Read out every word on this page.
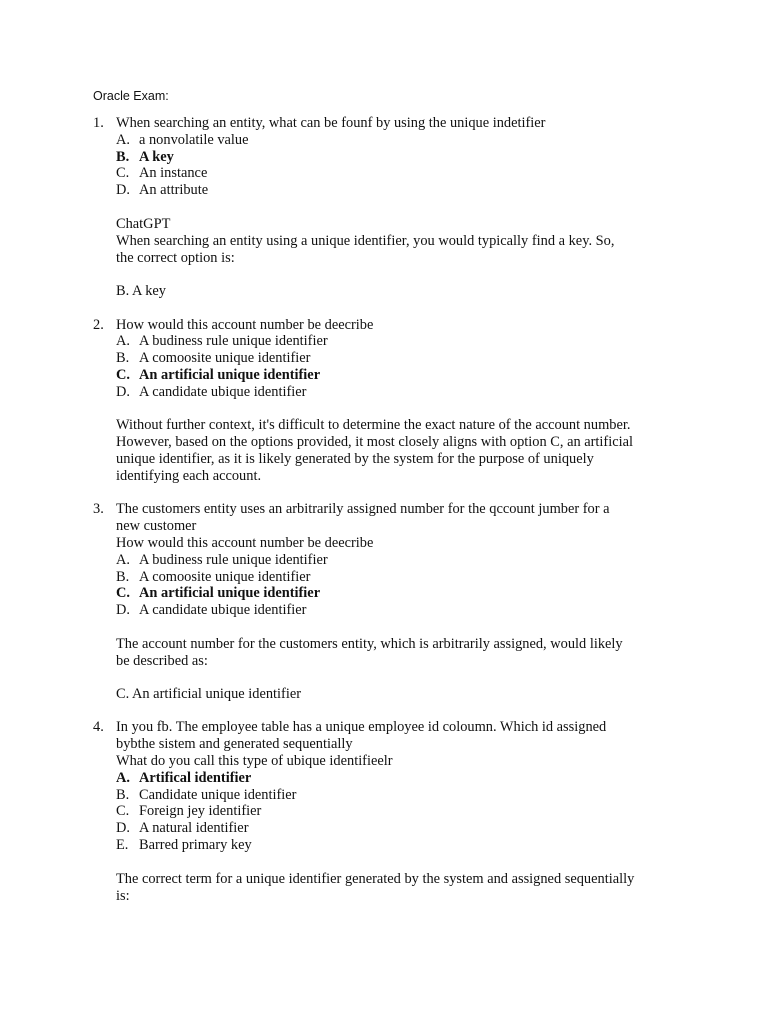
Oracle Exam:
1. When searching an entity, what can be founf by using the unique indetifier
A. a nonvolatile value
B. A key
C. An instance
D. An attribute
ChatGPT
When searching an entity using a unique identifier, you would typically find a key. So,
the correct option is:
B. A key
2. How would this account number be deecribe
A. A budiness rule unique identifier
B. A comoosite unique identifier
C. An artificial unique identifier
D. A candidate ubique identifier
Without further context, it's difficult to determine the exact nature of the account number.
However, based on the options provided, it most closely aligns with option C, an artificial
unique identifier, as it is likely generated by the system for the purpose of uniquely
identifying each account.
3. The customers entity uses an arbitrarily assigned number for the qccount jumber for a
new customer
How would this account number be deecribe
A. A budiness rule unique identifier
B. A comoosite unique identifier
C. An artificial unique identifier
D. A candidate ubique identifier
The account number for the customers entity, which is arbitrarily assigned, would likely
be described as:
C. An artificial unique identifier
4. In you fb. The employee table has a unique employee id coloumn. Which id assigned
bybthe sistem and generated sequentially
What do you call this type of ubique identifieelr
A. Artifical identifier
B. Candidate unique identifier
C. Foreign jey identifier
D. A natural identifier
E. Barred primary key
The correct term for a unique identifier generated by the system and assigned sequentially
is:
